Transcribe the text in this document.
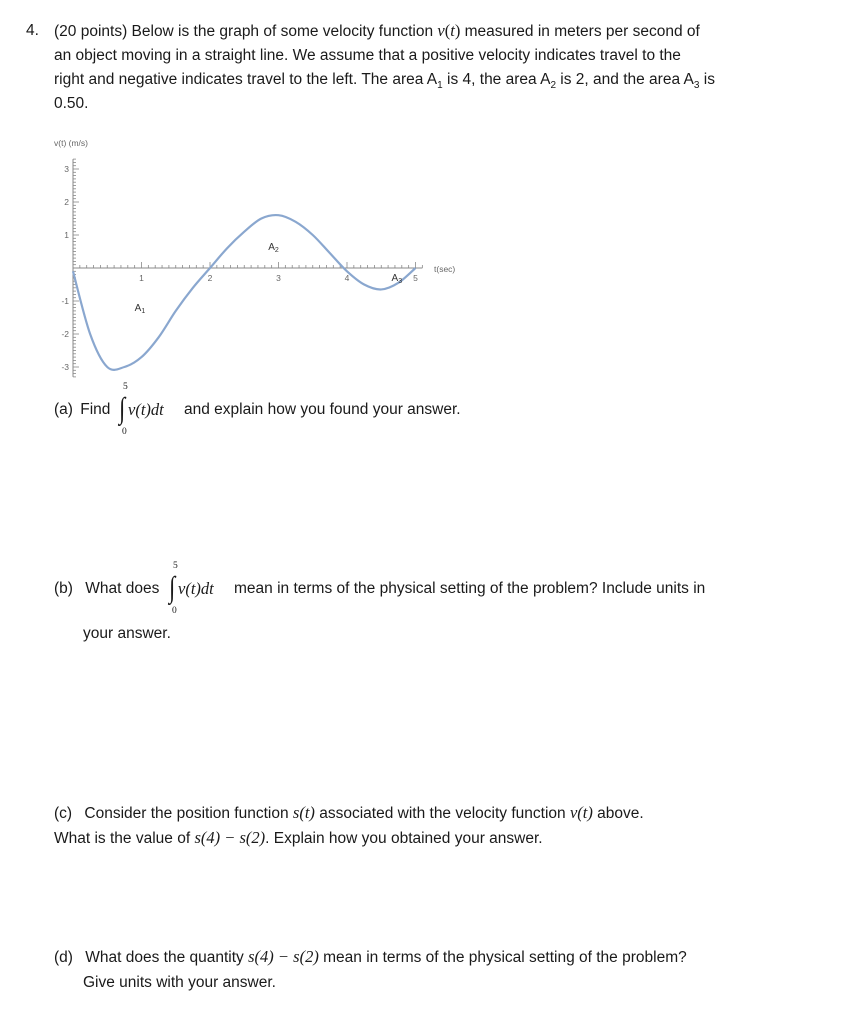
4. (20 points) Below is the graph of some velocity function v(t) measured in meters per second of
an object moving in a straight line. We assume that a positive velocity indicates travel to the
right and negative indicates travel to the left. The area $A_1$ is 4, the area $A_2$ is 2, and the area $A_3$ is
0.50.
3
2
1
-1
-2
-3
1	2	3	4	5
$A_1$
$A_2$
$A_3$
v(t) (m/s)
t(sec)
(a) Find
5
∫
0
v(t)dt and explain how you found your answer.
(b) What does
5
∫
0
v(t)dt mean in terms of the physical setting of the problem? Include units in
your answer.
(c) Consider the position function s(t) associated with the velocity function v(t) above.
What is the value of s(4) − s(2). Explain how you obtained your answer.
(d) What does the quantity s(4) − s(2) mean in terms of the physical setting of the problem?
Give units with your answer.
